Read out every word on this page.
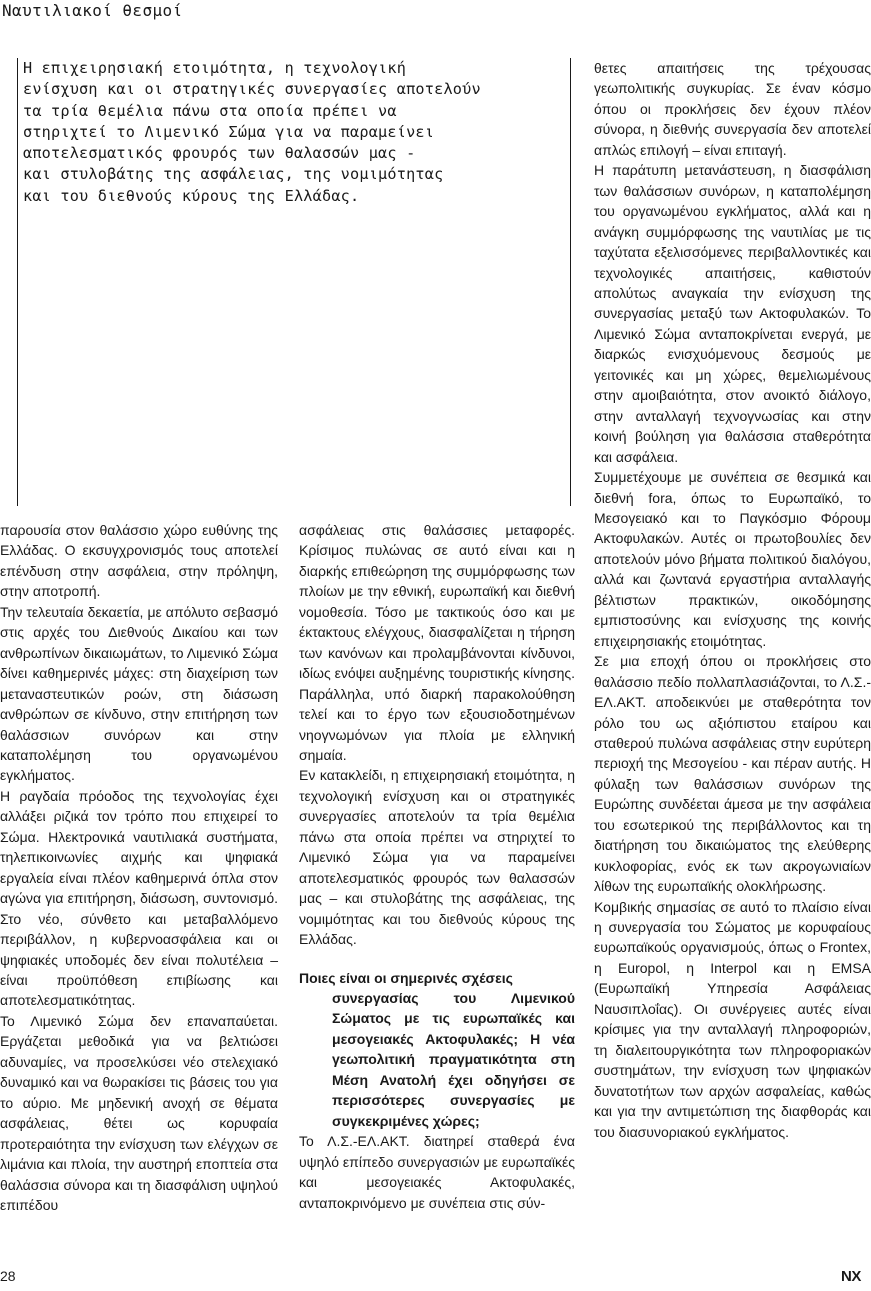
Ναυτιλιακοί θεσμοί

Η επιχειρησιακή ετοιμότητα, η τεχνολογική

ενίσχυση και οι στρατηγικές συνεργασίες αποτελούν

τα τρία θεμέλια πάνω στα οποία πρέπει να

στηριχτεί το Λιμενικό Σώμα για να παραμείνει

αποτελεσματικός φρουρός των θαλασσών μας -

και στυλοβάτης της ασφάλειας, της νομιμότητας

και του διεθνούς κύρους της Ελλάδας.

παρουσία στον θαλάσσιο χώρο ευθύνης της Ελλάδας. Ο εκσυγχρονισμός τους αποτελεί επένδυση στην ασφάλεια, στην πρόληψη, στην αποτροπή.

Την τελευταία δεκαετία, με απόλυτο σεβασμό στις αρχές του Διεθνούς Δικαίου και των ανθρωπίνων δικαιωμάτων, το Λιμενικό Σώμα δίνει καθημερινές μάχες: στη διαχείριση των μεταναστευτικών ροών, στη διάσωση ανθρώπων σε κίνδυνο, στην επιτήρηση των θαλάσσιων συνόρων και στην καταπολέμηση του οργανωμένου εγκλήματος.

Η ραγδαία πρόοδος της τεχνολογίας έχει αλλάξει ριζικά τον τρόπο που επιχειρεί το Σώμα. Ηλεκτρονικά ναυτιλιακά συστήματα, τηλεπικοινωνίες αιχμής και ψηφιακά εργαλεία είναι πλέον καθημερινά όπλα στον αγώνα για επιτήρηση, διάσωση, συντονισμό. Στο νέο, σύνθετο και μεταβαλλόμενο περιβάλλον, η κυβερνοασφάλεια και οι ψηφιακές υποδομές δεν είναι πολυτέλεια – είναι προϋπόθεση επιβίωσης και αποτελεσματικότητας.

Το Λιμενικό Σώμα δεν επαναπαύεται. Εργάζεται μεθοδικά για να βελτιώσει αδυναμίες, να προσελκύσει νέο στελεχιακό δυναμικό και να θωρακίσει τις βάσεις του για το αύριο. Με μηδενική ανοχή σε θέματα ασφάλειας, θέτει ως κορυφαία προτεραιότητα την ενίσχυση των ελέγχων σε λιμάνια και πλοία, την αυστηρή εποπτεία στα θαλάσσια σύνορα και τη διασφάλιση υψηλού επιπέδου

ασφάλειας στις θαλάσσιες μεταφορές. Κρίσιμος πυλώνας σε αυτό είναι και η διαρκής επιθεώρηση της συμμόρφωσης των πλοίων με την εθνική, ευρωπαϊκή και διεθνή νομοθεσία. Τόσο με τακτικούς όσο και με έκτακτους ελέγχους, διασφαλίζεται η τήρηση των κανόνων και προλαμβάνονται κίνδυνοι, ιδίως ενόψει αυξημένης τουριστικής κίνησης. Παράλληλα, υπό διαρκή παρακολούθηση τελεί και το έργο των εξουσιοδοτημένων νηογνωμόνων για πλοία με ελληνική σημαία.

Εν κατακλείδι, η επιχειρησιακή ετοιμότητα, η τεχνολογική ενίσχυση και οι στρατηγικές συνεργασίες αποτελούν τα τρία θεμέλια πάνω στα οποία πρέπει να στηριχτεί το Λιμενικό Σώμα για να παραμείνει αποτελεσματικός φρουρός των θαλασσών μας – και στυλοβάτης της ασφάλειας, της νομιμότητας και του διεθνούς κύρους της Ελλάδας.

Ποιες είναι οι σημερινές σχέσεις
συνεργασίας του Λιμενικού Σώματος με τις ευρωπαϊκές και μεσογειακές Ακτοφυλακές; Η νέα γεωπολιτική πραγματικότητα στη Μέση Ανατολή έχει οδηγήσει σε περισσότερες συνεργασίες με συγκεκριμένες χώρες;

Το Λ.Σ.-ΕΛ.ΑΚΤ. διατηρεί σταθερά ένα υψηλό επίπεδο συνεργασιών με ευρωπαϊκές και μεσογειακές Ακτοφυλακές, ανταποκρινόμενο με συνέπεια στις σύν-

θετες απαιτήσεις της τρέχουσας γεωπολιτικής συγκυρίας. Σε έναν κόσμο όπου οι προκλήσεις δεν έχουν πλέον σύνορα, η διεθνής συνεργασία δεν αποτελεί απλώς επιλογή – είναι επιταγή.

Η παράτυπη μετανάστευση, η διασφάλιση των θαλάσσιων συνόρων, η καταπολέμηση του οργανωμένου εγκλήματος, αλλά και η ανάγκη συμμόρφωσης της ναυτιλίας με τις ταχύτατα εξελισσόμενες περιβαλλοντικές και τεχνολογικές απαιτήσεις, καθιστούν απολύτως αναγκαία την ενίσχυση της συνεργασίας μεταξύ των Ακτοφυλακών. Το Λιμενικό Σώμα ανταποκρίνεται ενεργά, με διαρκώς ενισχυόμενους δεσμούς με γειτονικές και μη χώρες, θεμελιωμένους στην αμοιβαιότητα, στον ανοικτό διάλογο, στην ανταλλαγή τεχνογνωσίας και στην κοινή βούληση για θαλάσσια σταθερότητα και ασφάλεια.

Συμμετέχουμε με συνέπεια σε θεσμικά και διεθνή fora, όπως το Ευρωπαϊκό, το Μεσογειακό και το Παγκόσμιο Φόρουμ Ακτοφυλακών. Αυτές οι πρωτοβουλίες δεν αποτελούν μόνο βήματα πολιτικού διαλόγου, αλλά και ζωντανά εργαστήρια ανταλλαγής βέλτιστων πρακτικών, οικοδόμησης εμπιστοσύνης και ενίσχυσης της κοινής επιχειρησιακής ετοιμότητας.

Σε μια εποχή όπου οι προκλήσεις στο θαλάσσιο πεδίο πολλαπλασιάζονται, το Λ.Σ.-ΕΛ.ΑΚΤ. αποδεικνύει με σταθερότητα τον ρόλο του ως αξιόπιστου εταίρου και σταθερού πυλώνα ασφάλειας στην ευρύτερη περιοχή της Μεσογείου - και πέραν αυτής. Η φύλαξη των θαλάσσιων συνόρων της Ευρώπης συνδέεται άμεσα με την ασφάλεια του εσωτερικού της περιβάλλοντος και τη διατήρηση του δικαιώματος της ελεύθερης κυκλοφορίας, ενός εκ των ακρογωνιαίων λίθων της ευρωπαϊκής ολοκλήρωσης.

Κομβικής σημασίας σε αυτό το πλαίσιο είναι η συνεργασία του Σώματος με κορυφαίους ευρωπαϊκούς οργανισμούς, όπως ο Frontex, η Europol, η Interpol και η EMSA (Ευρωπαϊκή Υπηρεσία Ασφάλειας Ναυσιπλοΐας). Οι συνέργειες αυτές είναι κρίσιμες για την ανταλλαγή πληροφοριών, τη διαλειτουργικότητα των πληροφοριακών συστημάτων, την ενίσχυση των ψηφιακών δυνατοτήτων των αρχών ασφαλείας, καθώς και για την αντιμετώπιση της διαφθοράς και του διασυνοριακού εγκλήματος.

28	NX
